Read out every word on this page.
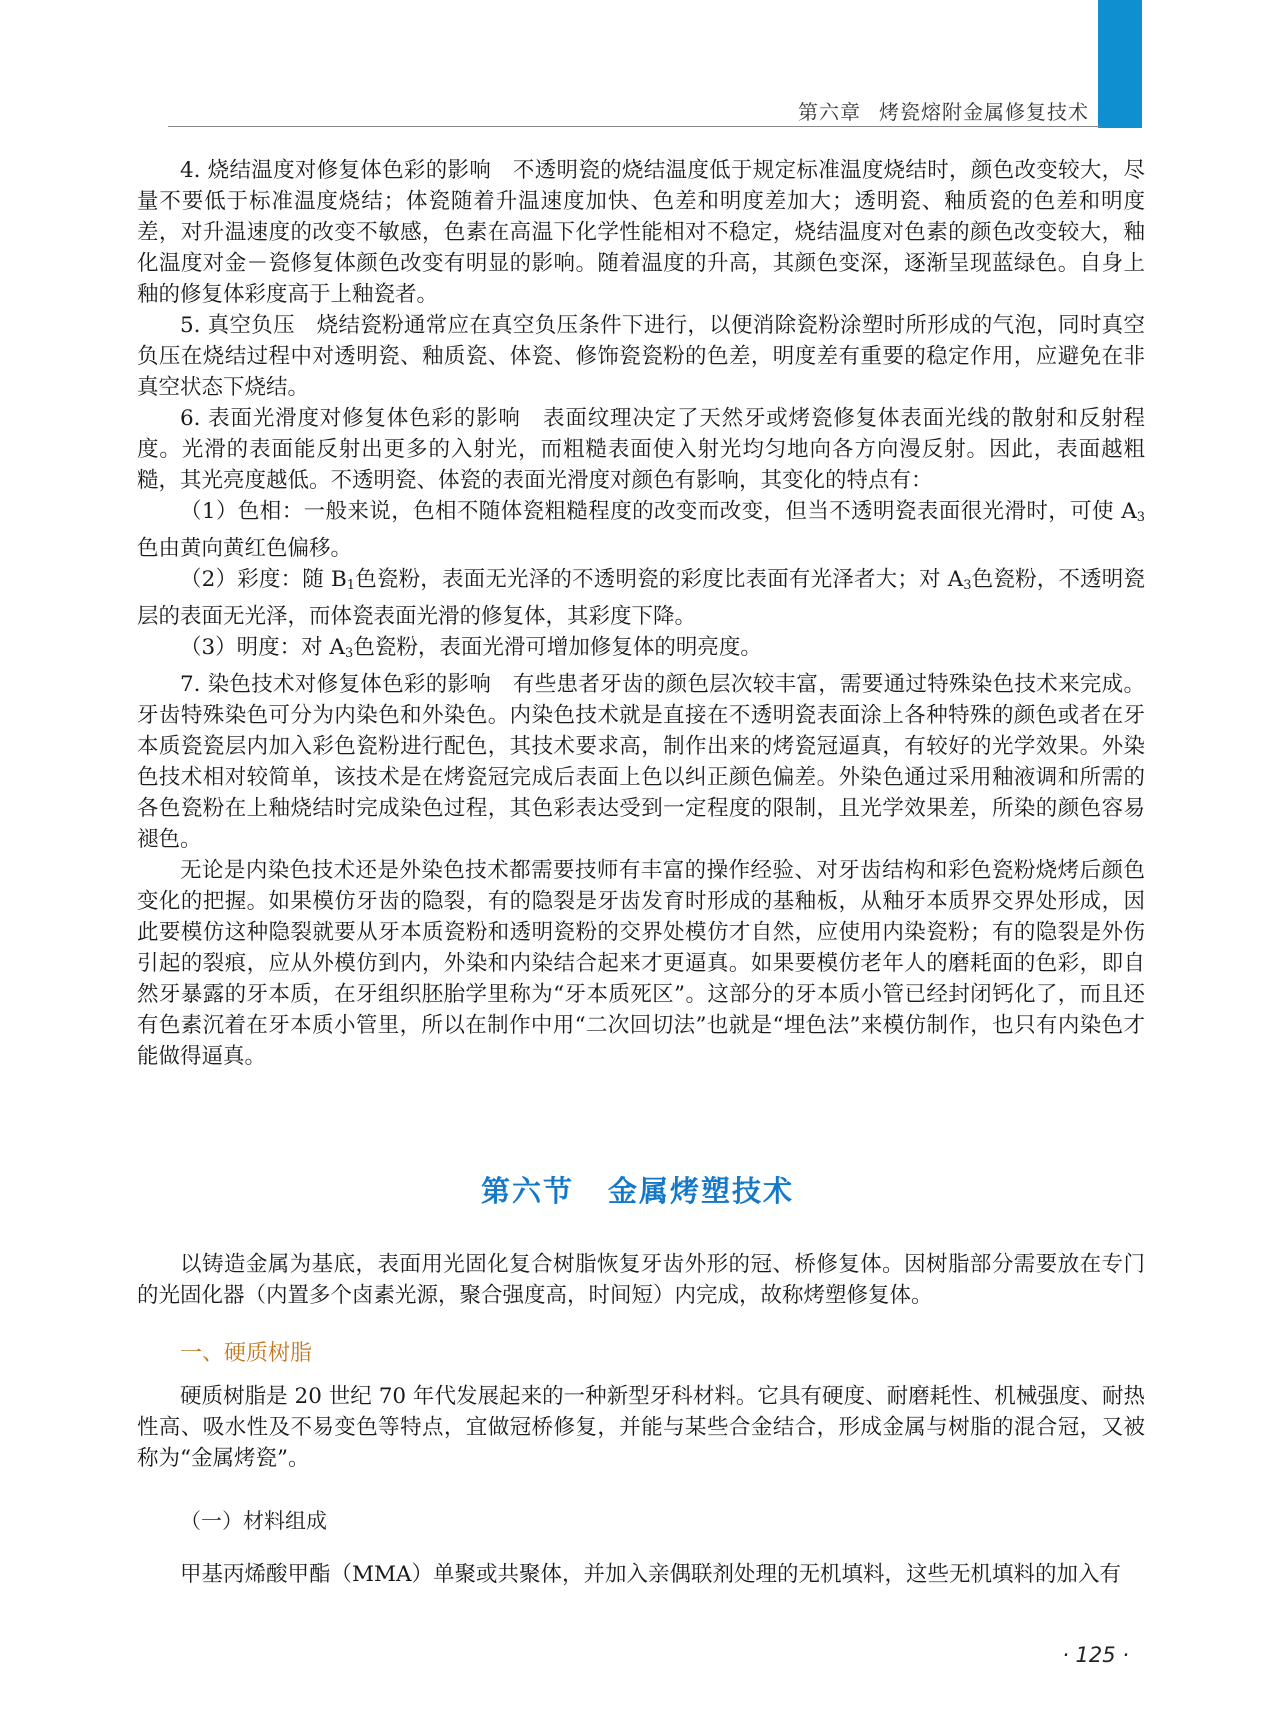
第六章 烤瓷熔附金属修复技术

4. 烧结温度对修复体色彩的影响　不透明瓷的烧结温度低于规定标准温度烧结时，颜色改变较大，尽量不要低于标准温度烧结；体瓷随着升温速度加快、色差和明度差加大；透明瓷、釉质瓷的色差和明度差，对升温速度的改变不敏感，色素在高温下化学性能相对不稳定，烧结温度对色素的颜色改变较大，釉化温度对金－瓷修复体颜色改变有明显的影响。随着温度的升高，其颜色变深，逐渐呈现蓝绿色。自身上釉的修复体彩度高于上釉瓷者。

5. 真空负压　烧结瓷粉通常应在真空负压条件下进行，以便消除瓷粉涂塑时所形成的气泡，同时真空负压在烧结过程中对透明瓷、釉质瓷、体瓷、修饰瓷瓷粉的色差，明度差有重要的稳定作用，应避免在非真空状态下烧结。

6. 表面光滑度对修复体色彩的影响　表面纹理决定了天然牙或烤瓷修复体表面光线的散射和反射程度。光滑的表面能反射出更多的入射光，而粗糙表面使入射光均匀地向各方向漫反射。因此，表面越粗糙，其光亮度越低。不透明瓷、体瓷的表面光滑度对颜色有影响，其变化的特点有：

（1）色相：一般来说，色相不随体瓷粗糙程度的改变而改变，但当不透明瓷表面很光滑时，可使 $A_3$色由黄向黄红色偏移。

（2）彩度：随 $B_1$色瓷粉，表面无光泽的不透明瓷的彩度比表面有光泽者大；对 $A_3$色瓷粉，不透明瓷层的表面无光泽，而体瓷表面光滑的修复体，其彩度下降。

（3）明度：对 $A_3$色瓷粉，表面光滑可增加修复体的明亮度。

7. 染色技术对修复体色彩的影响　有些患者牙齿的颜色层次较丰富，需要通过特殊染色技术来完成。牙齿特殊染色可分为内染色和外染色。内染色技术就是直接在不透明瓷表面涂上各种特殊的颜色或者在牙本质瓷瓷层内加入彩色瓷粉进行配色，其技术要求高，制作出来的烤瓷冠逼真，有较好的光学效果。外染色技术相对较简单，该技术是在烤瓷冠完成后表面上色以纠正颜色偏差。外染色通过采用釉液调和所需的各色瓷粉在上釉烧结时完成染色过程，其色彩表达受到一定程度的限制，且光学效果差，所染的颜色容易褪色。

无论是内染色技术还是外染色技术都需要技师有丰富的操作经验、对牙齿结构和彩色瓷粉烧烤后颜色变化的把握。如果模仿牙齿的隐裂，有的隐裂是牙齿发育时形成的基釉板，从釉牙本质界交界处形成，因此要模仿这种隐裂就要从牙本质瓷粉和透明瓷粉的交界处模仿才自然，应使用内染瓷粉；有的隐裂是外伤引起的裂痕，应从外模仿到内，外染和内染结合起来才更逼真。如果要模仿老年人的磨耗面的色彩，即自然牙暴露的牙本质，在牙组织胚胎学里称为“牙本质死区”。这部分的牙本质小管已经封闭钙化了，而且还有色素沉着在牙本质小管里，所以在制作中用“二次回切法”也就是“埋色法”来模仿制作，也只有内染色才能做得逼真。

第六节 金属烤塑技术

以铸造金属为基底，表面用光固化复合树脂恢复牙齿外形的冠、桥修复体。因树脂部分需要放在专门的光固化器（内置多个卤素光源，聚合强度高，时间短）内完成，故称烤塑修复体。

一、硬质树脂

硬质树脂是 20 世纪 70 年代发展起来的一种新型牙科材料。它具有硬度、耐磨耗性、机械强度、耐热性高、吸水性及不易变色等特点，宜做冠桥修复，并能与某些合金结合，形成金属与树脂的混合冠，又被称为“金属烤瓷”。

（一）材料组成

甲基丙烯酸甲酯（MMA）单聚或共聚体，并加入亲偶联剂处理的无机填料，这些无机填料的加入有

· 125 ·
